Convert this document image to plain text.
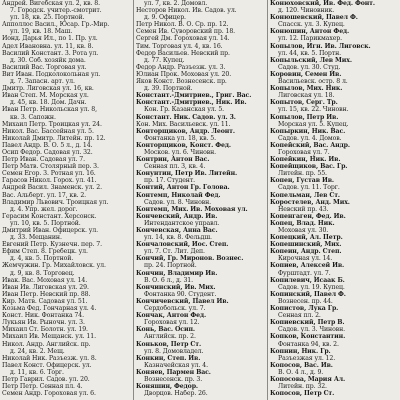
Андрей. Вигебская ул. 2, кв. 8.
7. Городск. учитер.-смотрит.
ул. 18, кв. 25. Портной.
Апполлос Васил., Юсар. Гр.-Мир.
ул. 19, кв. 18. Маш.
Ионд. Дарья Ил., по 1. Пр. ул.
Адел Ивановна. ул. 11, кв. 8.
Василий Констант. 3. Рота ул.
д. 30. Соб. хозяйк дома.
Василий Вас. Торговая ул.
Вит Иван. Подколокольная ул.
д. 7. Запасн. арт. ул.
Дмитр. Лиговская ул. 16, кв.
Иван Степ. М. Морская ул.
д. 45, кв. 18. Дом. Дачн.
Иван Петр. Никольская ул. 8,
кв. 3. Сапожн.
Михаил Петр. Троицкая ул. 24.
Никол. Вас. Бассейная ул. 5.
Николай Дмитр. Литейн. пр. 12.
Павел Андр. В. О. 5 л., д. 14.
Осип Федор. Садовая ул. 32.
Петр Иван. Садовая ул. 7.
Петр Матв. Столярный пер. 3.
Семен Егор. 3. Ротная ул. 16.
Гарасов Никол. Горох. ул. 41.
Андрей Васил. Знаменск. ул. 2.
Вас. Альберт. ул. 17, кв. 2.
Владимир Львович. Троицкая ул.
д. 4. Упр. жел. дорог.
Герасим Констант. Херсонск.
ул. 10, кв. 5. Портной.
Дмитрий Иван. Офицерск. ул.
д. 33. Мещанин.
Евгений Петр. Кузнечн. пер. 7.
Ефим Степ. 8. Гребецк. ул.
д. 4, кв. 5. Портной.
Жемчужин. Гр. Михайловск. ул.
д. 9, кв. 8. Торговец.
Ивак. Вас. Моховая ул. 14.
Иван Ив. Лиговская ул. 29.
Иван Петр. Невский пр. 88.
Кир. Матв. Садовая ул. 51.
Козьма Фед. Гончарная ул. 4.
Конст. Ник. Фонтанка 74.
Лукьян Ив. Рыночн. ул. 3.
Михаил Ст. Болотн. ул. 19.
Михаил Ив. Мещанск. ул. 11.
Никол. Андр. Английск. пр.
д. 24, кв. 2. Мещ.
Николай Ник. Разъезж. ул. 8.
Павел Конст. Офицерск. ул.
д. 11, кв. 6. Торг.
Петр Гаврил. Садов. ул. 20.
Петр Петр. Сенная пл. 4.
Семен Андр. Гороховая ул. 6.
ул. 7, кв. 2. Домовл.
Несторов Никол. Ив. Садов. ул.
д. 9. Офицер.
Петр Никол. В. О. Ср. пр. 12.
Семен Ив. Суворовский пр. 18.
Сергей Дм. Гороховая ул. 14.
Тим. Торговая ул. 4, кв. 16.
Федор Васильев. Невский пр.
д. 77. Купец.
Федор Андр. Разъезж. ул. 3.
Юлиан Прок. Моховая ул. 20.
Яков Конст. Вознесенск. пр.
д. 39. Портной.
Констант.-Дмитриев., Григ. Вас.
Констант.-Дмитриев., Ник. Ив.
Кон. Гр. Казанская ул. 5.
Констант. Ник. Садов. ул. 3.
Кон. Мих. Васильевск. ул. 11.
Конторщиков, Андр. Леонт.
Фонтанка ул. 18, кв. 5.
Конторщиков, Конст. Фед.
Москов. ул. 6. Чиновн.
Контрин, Антон Вас.
Сенная пл. 3, кв. 4.
Конунтин, Петр Ив. Литейн.
пр. 17. Студент.
Контий, Антон Гр. Голова.
Контемп, Николай Фед.
Садов. ул. 8. Чиновн.
Контемп, Мих. Ив. Моховая ул.
Кончевский, Андр. Ив.
Интендантское управл.
Кончевская, Анна Вас.
ул. 14, кв. 8. Фельдш.
Кончаловский, Иос. Степ.
ул. 7. Ст. Лит. Деп.
Кончий, Гр. Миронов. Вознес.
пр. 24. Портной.
Кончин, Владимир Ив.
В. О. 6 л., д. 31.
Кончинский, Ив. Мих.
Фонтанка 90. Студент.
Кончичевский, Павел Ив.
Сердобольск. ул. 7.
Кончак, Антон Фед.
Гороховая ул. 12.
Конь, Вас. Осип.
Английск. пр. 2.
Коньков, Петр Ст.
ул. 8. Домовладел.
Конкин, Степ. Ив.
Казначейская ул. 4.
Коняев, Пармен Вас.
Вознесенск. пр. 3.
Коняшин, Федор.
Дворцов. Набер. 26.
Конюховский, Ив. Фед. Фонт.
д. 120. Чиновник.
Конюшевский, Павел Ф.
Спасск. ул. 3. Купец.
Конюшин, Антон Фед.
ул. 12. Парикмахер.
Копылов, Игн. Ив. Лиговск.
ул. 44, кв. 5. Портн.
Копыльский, Лев Мих.
Садов. ул. 30. Студ.
Коровин, Семен Ив.
Васильевск. остр. 8 л.
Копылов, Мих. Ник.
Лиговская ул. 18.
Копытов, Серг. Тр.
ул. 15, кв. 22. Чиновн.
Копылов, Петр Ив.
Морская ул. 5. Купец.
Копыркин, Ник. Вас.
Садов. ул. 4. Домов.
Копейский, Вас. Андр.
Гороховая ул. 7.
Копейкин, Ник. Ив.
Копейщиков, Вас. Гр.
Литейн. пр. 55.
Копен, Густав Ив.
Садов. ул. 11. Торг.
Копельман, Лев Ст.
Коростелев, Анд. Мих.
Невский пр. 43.
Копенгаген, Фед. Ив.
Копец, Влад. Ник.
Моховая ул. 30.
Копецкий, Ал. Петр.
Копешинский, Мих.
Копеин, Андр. Степ.
Кирочная ул. 14.
Копиев, Алексей Ив.
Фурштадт. ул. 7.
Копилевич, Исаак Б.
Садов. ул. 19. Купец.
Копинский, Павел Ф.
Вознесен. пр. 44.
Копистов, Лука Гр.
Сенная пл. 2.
Копиевский, Петр В.
Садов. ул. 3. Чиновн.
Копков, Константин.
Фонтанка 94, кв. 2.
Копнин, Ник. Гр.
Разъезжая ул. 12.
Копосов, Вас. Ив.
В. О. 4 л., д. 9.
Копосова, Мария Ал.
Литейн. пр. 32.
Копосов, Петр Ст.
